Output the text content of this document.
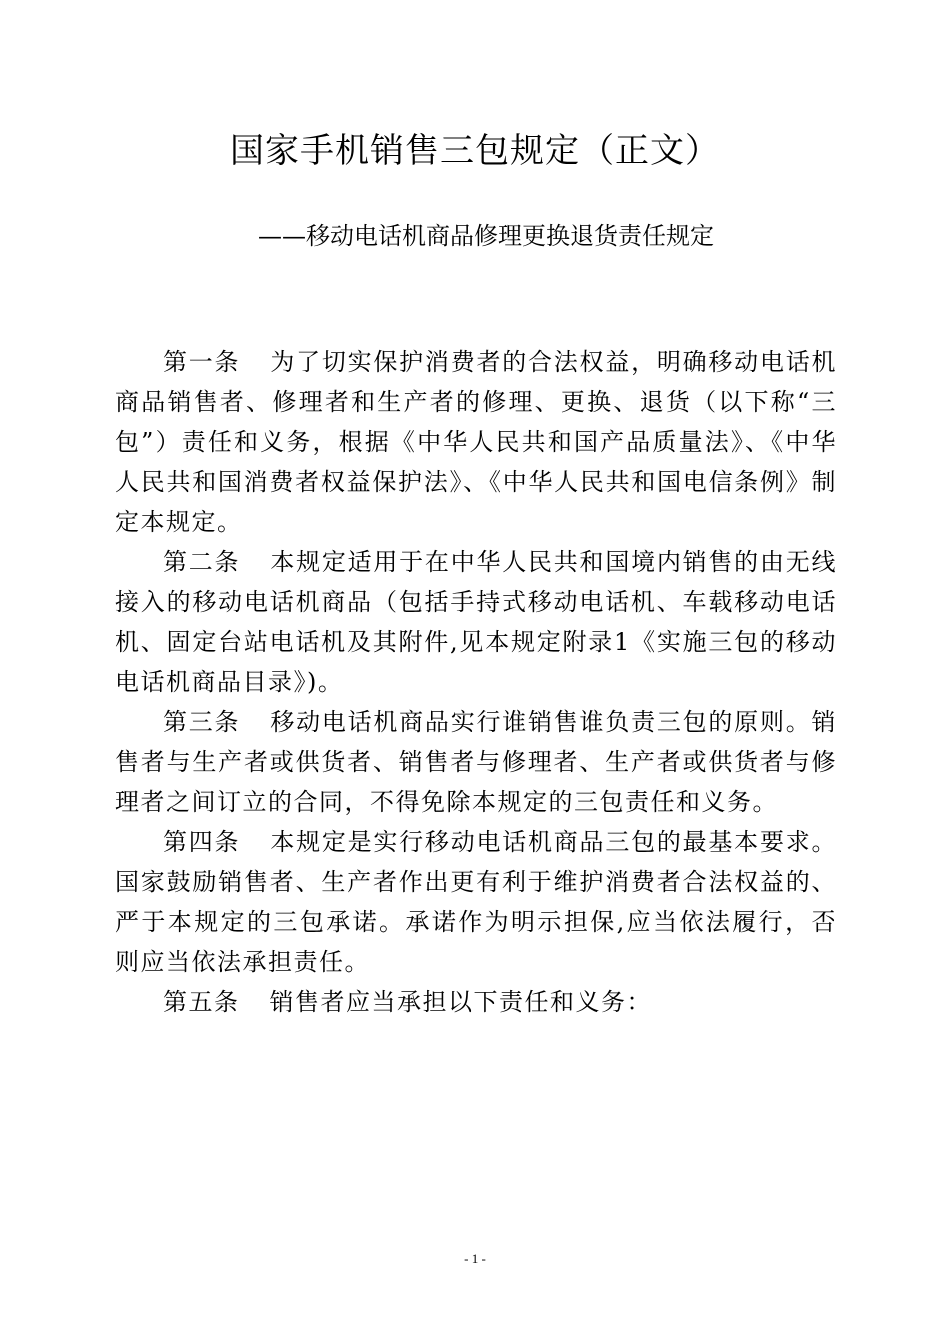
国家手机销售三包规定（正文）
——移动电话机商品修理更换退货责任规定

第一条 为了切实保护消费者的合法权益，明确移动电话机商品销售者、修理者和生产者的修理、更换、退货（以下称“三包”）责任和义务，根据《中华人民共和国产品质量法》、《中华人民共和国消费者权益保护法》、《中华人民共和国电信条例》制定本规定。

第二条 本规定适用于在中华人民共和国境内销售的由无线接入的移动电话机商品（包括手持式移动电话机、车载移动电话机、固定台站电话机及其附件,见本规定附录1《实施三包的移动电话机商品目录》)。

第三条 移动电话机商品实行谁销售谁负责三包的原则。销售者与生产者或供货者、销售者与修理者、生产者或供货者与修理者之间订立的合同，不得免除本规定的三包责任和义务。

第四条 本规定是实行移动电话机商品三包的最基本要求。国家鼓励销售者、生产者作出更有利于维护消费者合法权益的、严于本规定的三包承诺。承诺作为明示担保,应当依法履行，否则应当依法承担责任。

第五条 销售者应当承担以下责任和义务：

- 1 -
